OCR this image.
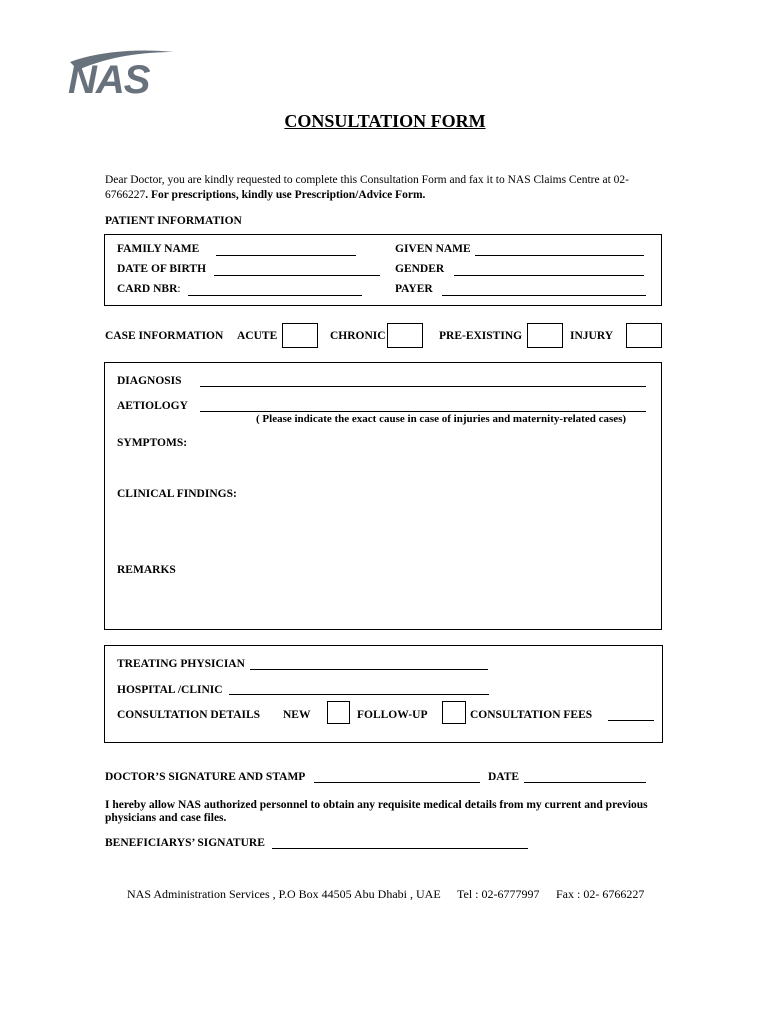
NAS
CONSULTATION FORM
Dear Doctor, you are kindly requested to complete this Consultation Form and fax it to NAS Claims Centre at 02-
6766227. For prescriptions, kindly use Prescription/Advice Form.
PATIENT INFORMATION
FAMILY NAME	GIVEN NAME
DATE OF BIRTH	GENDER
CARD NBR:	PAYER
CASE INFORMATION ACUTE	CHRONIC	PRE-EXISTING	INJURY
DIAGNOSIS
AETIOLOGY
( Please indicate the exact cause in case of injuries and maternity-related cases)
SYMPTOMS:
CLINICAL FINDINGS:
REMARKS
TREATING PHYSICIAN
HOSPITAL /CLINIC
CONSULTATION DETAILS NEW	FOLLOW-UP	CONSULTATION FEES
DOCTOR’S SIGNATURE AND STAMP	DATE
I hereby allow NAS authorized personnel to obtain any requisite medical details from my current and previous physicians and case files.
BENEFICIARYS’ SIGNATURE
NAS Administration Services , P.O Box 44505 Abu Dhabi , UAE Tel : 02-6777997 Fax : 02- 6766227
